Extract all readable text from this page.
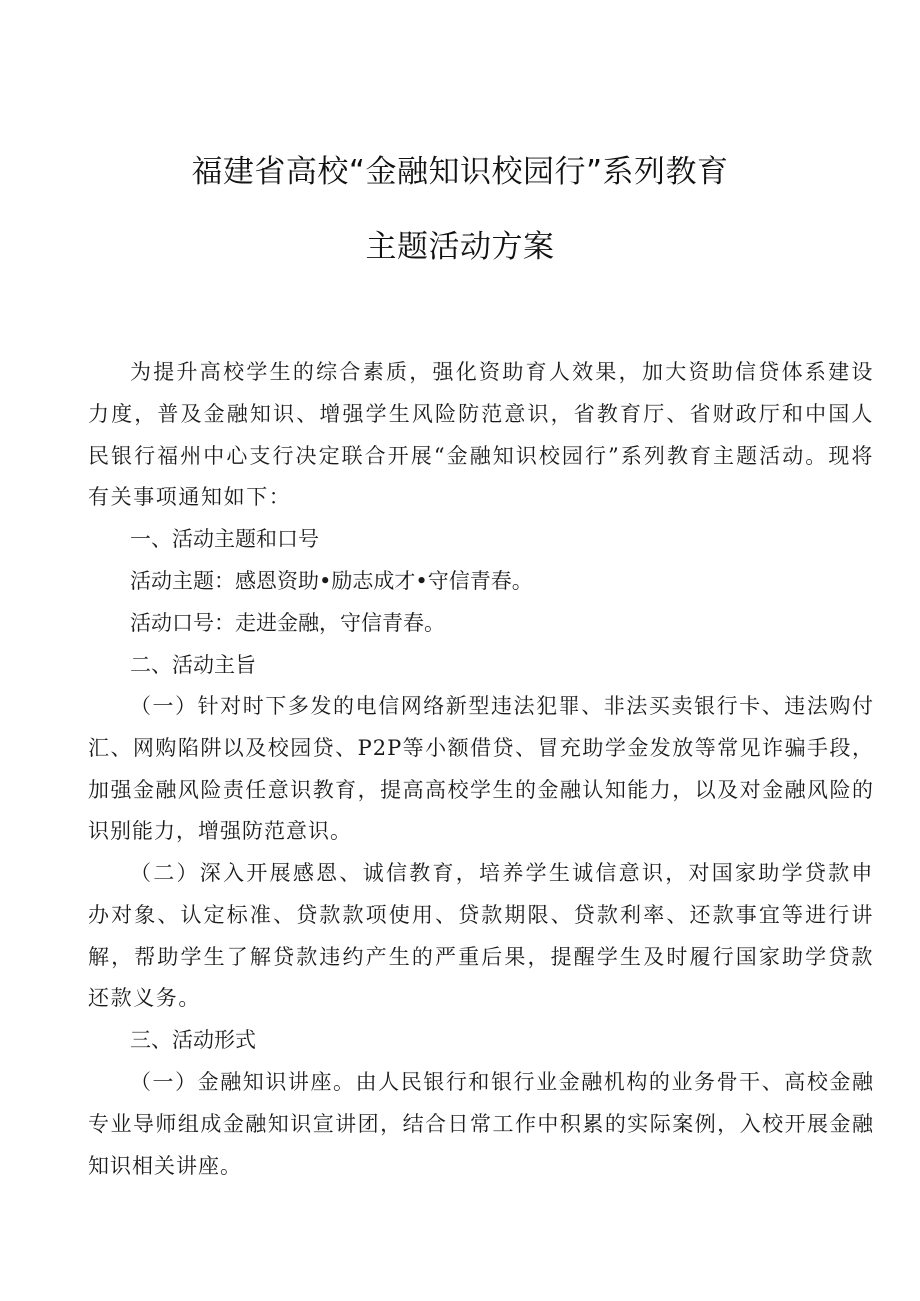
福建省高校“金融知识校园行”系列教育
主题活动方案

为提升高校学生的综合素质，强化资助育人效果，加大资助信贷体系建设力度，普及金融知识、增强学生风险防范意识，省教育厅、省财政厅和中国人民银行福州中心支行决定联合开展“金融知识校园行”系列教育主题活动。现将有关事项通知如下：

一、活动主题和口号

活动主题：感恩资助•励志成才•守信青春。

活动口号：走进金融，守信青春。

二、活动主旨

（一）针对时下多发的电信网络新型违法犯罪、非法买卖银行卡、违法购付汇、网购陷阱以及校园贷、P2P等小额借贷、冒充助学金发放等常见诈骗手段，加强金融风险责任意识教育，提高高校学生的金融认知能力，以及对金融风险的识别能力，增强防范意识。

（二）深入开展感恩、诚信教育，培养学生诚信意识，对国家助学贷款申办对象、认定标准、贷款款项使用、贷款期限、贷款利率、还款事宜等进行讲解，帮助学生了解贷款违约产生的严重后果，提醒学生及时履行国家助学贷款还款义务。

三、活动形式

（一）金融知识讲座。由人民银行和银行业金融机构的业务骨干、高校金融专业导师组成金融知识宣讲团，结合日常工作中积累的实际案例，入校开展金融知识相关讲座。
